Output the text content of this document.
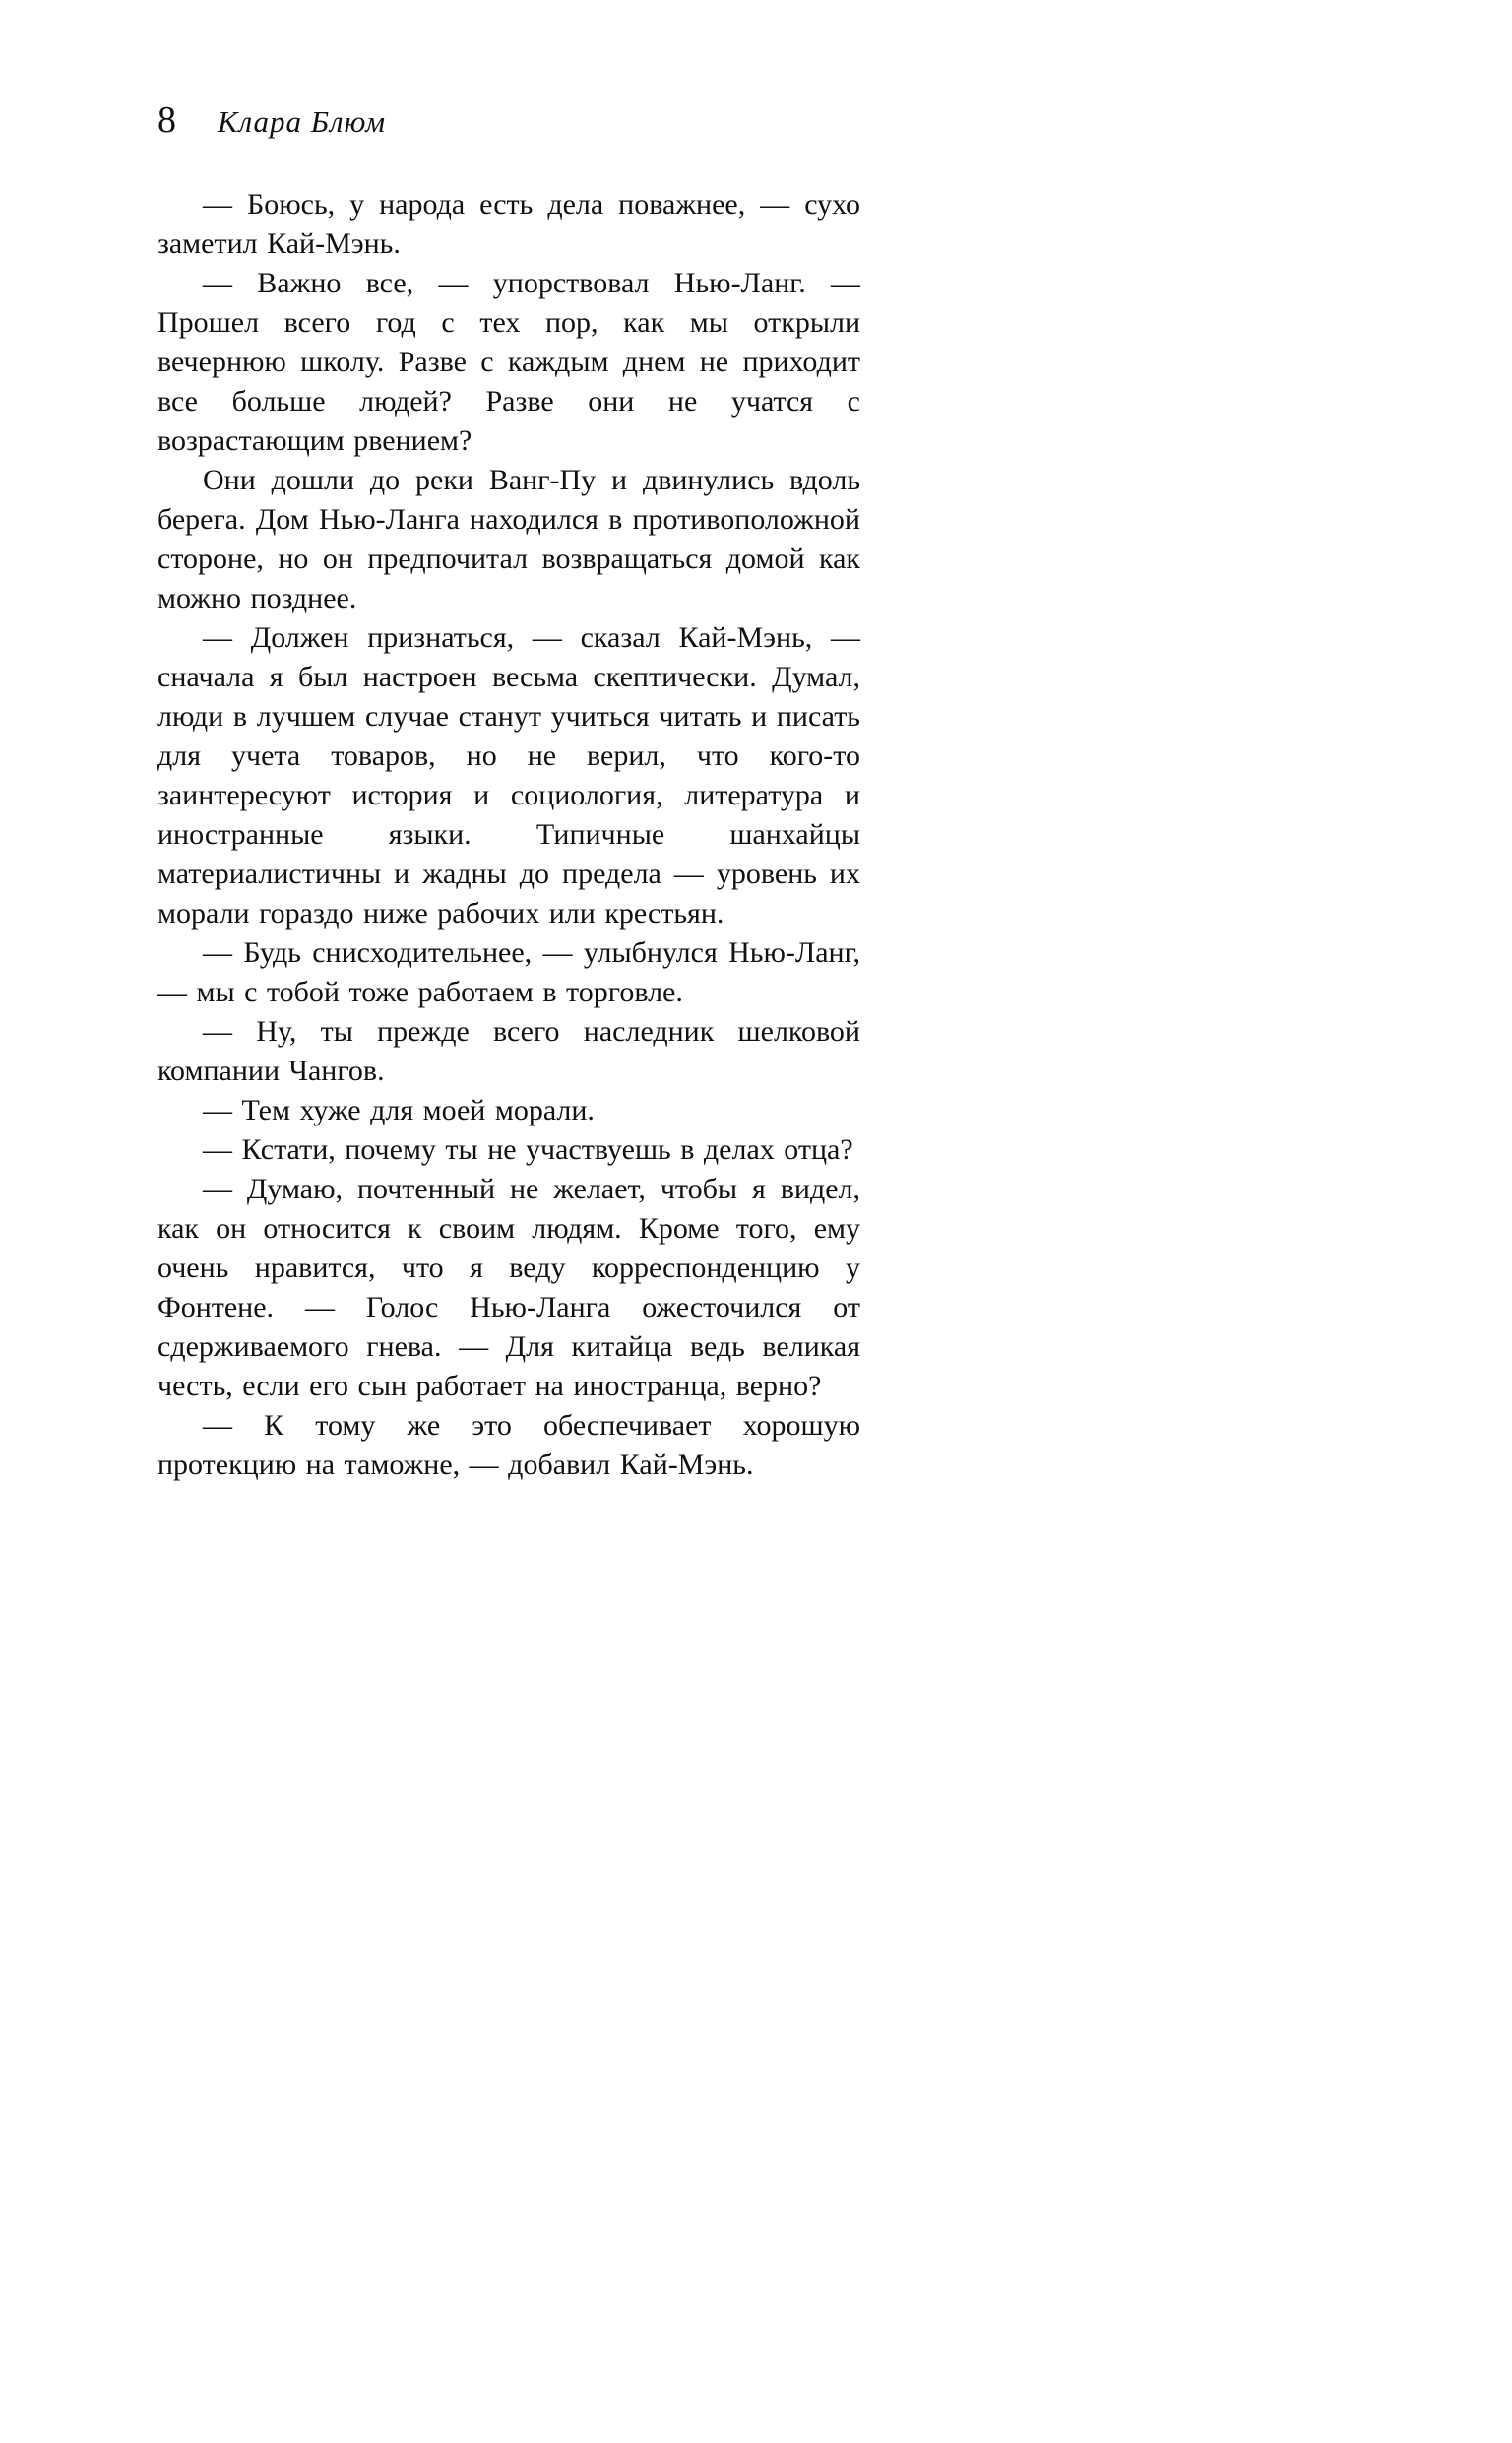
8 Клара Блюм

— Боюсь, у народа есть дела поважнее, — сухо заметил Кай-Мэнь.

— Важно все, — упорствовал Нью-Ланг. — Прошел всего год с тех пор, как мы открыли вечернюю школу. Разве с каждым днем не приходит все больше людей? Разве они не учатся с возрастающим рвением?

Они дошли до реки Ванг-Пу и двинулись вдоль берега. Дом Нью-Ланга находился в противоположной стороне, но он предпочитал возвращаться домой как можно позднее.

— Должен признаться, — сказал Кай-Мэнь, — сначала я был настроен весьма скептически. Думал, люди в лучшем случае станут учиться читать и писать для учета товаров, но не верил, что кого-то заинтересуют история и социология, литература и иностранные языки. Типичные шанхайцы материалистичны и жадны до предела — уровень их морали гораздо ниже рабочих или крестьян.

— Будь снисходительнее, — улыбнулся Нью-Ланг, — мы с тобой тоже работаем в торговле.

— Ну, ты прежде всего наследник шелковой компании Чангов.

— Тем хуже для моей морали.

— Кстати, почему ты не участвуешь в делах отца?

— Думаю, почтенный не желает, чтобы я видел, как он относится к своим людям. Кроме того, ему очень нравится, что я веду корреспонденцию у Фонтене. — Голос Нью-Ланга ожесточился от сдерживаемого гнева. — Для китайца ведь великая честь, если его сын работает на иностранца, верно?

— К тому же это обеспечивает хорошую протекцию на таможне, — добавил Кай-Мэнь.
